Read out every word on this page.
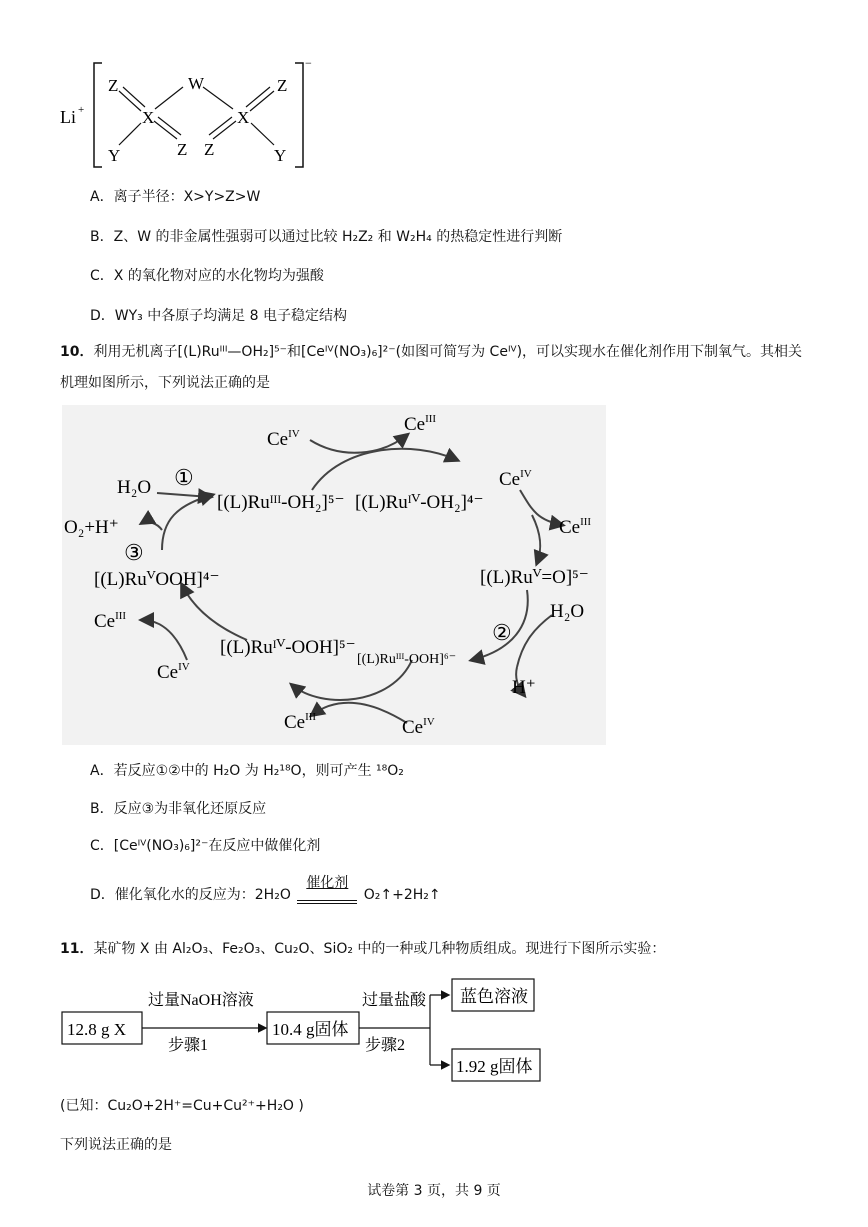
Li +
−
Z
X
W
X
Z
Y	Z Z	Y
A．离子半径：X>Y>Z>W
B．Z、W 的非金属性强弱可以通过比较 H₂Z₂ 和 W₂H₄ 的热稳定性进行判断
C．X 的氧化物对应的水化物均为强酸
D．WY₃ 中各原子均满足 8 电子稳定结构
10．利用无机离子[(L)Ruᴵᴵᴵ—OH₂]⁵⁻和[Ceᴵⱽ(NO₃)₆]²⁻(如图可简写为 Ceᴵⱽ)，可以实现水在催化剂作用下制氧气。其相关
机理如图所示，下列说法正确的是
$Ce^{IV}$	$Ce^{III}$
H₂O ①
[(L)Ruᴵᴵᴵ-OH₂]⁵⁻ [(L)Ruᴵⱽ-OH₂]⁴⁻
$Ce^{IV}$
$Ce^{III}$
O₂+H⁺
③
[(L)RuⱽOOH]⁴⁻	[(L)Ruⱽ=O]⁵⁻
H₂O
②
H⁺
$Ce^{III}$
$Ce^{IV}$
[(L)Ruᴵⱽ-OOH]⁵⁻
[(L)Ruᴵᴵᴵ-OOH]⁶⁻
$Ce^{III}$	$Ce^{IV}$
A．若反应①②中的 H₂O 为 H₂¹⁸O，则可产生 ¹⁸O₂
B．反应③为非氧化还原反应
C．[Ceᴵⱽ(NO₃)₆]²⁻在反应中做催化剂
D．催化氧化水的反应为：2H₂O
催化剂
O₂↑+2H₂↑
11．某矿物 X 由 Al₂O₃、Fe₂O₃、Cu₂O、SiO₂ 中的一种或几种物质组成。现进行下图所示实验：
12.8 g X
过量NaOH溶液
步骤1
10.4 g固体
过量盐酸
步骤2
蓝色溶液
1.92 g固体
(已知：Cu₂O+2H⁺=Cu+Cu²⁺+H₂O )
下列说法正确的是
试卷第 3 页，共 9 页
